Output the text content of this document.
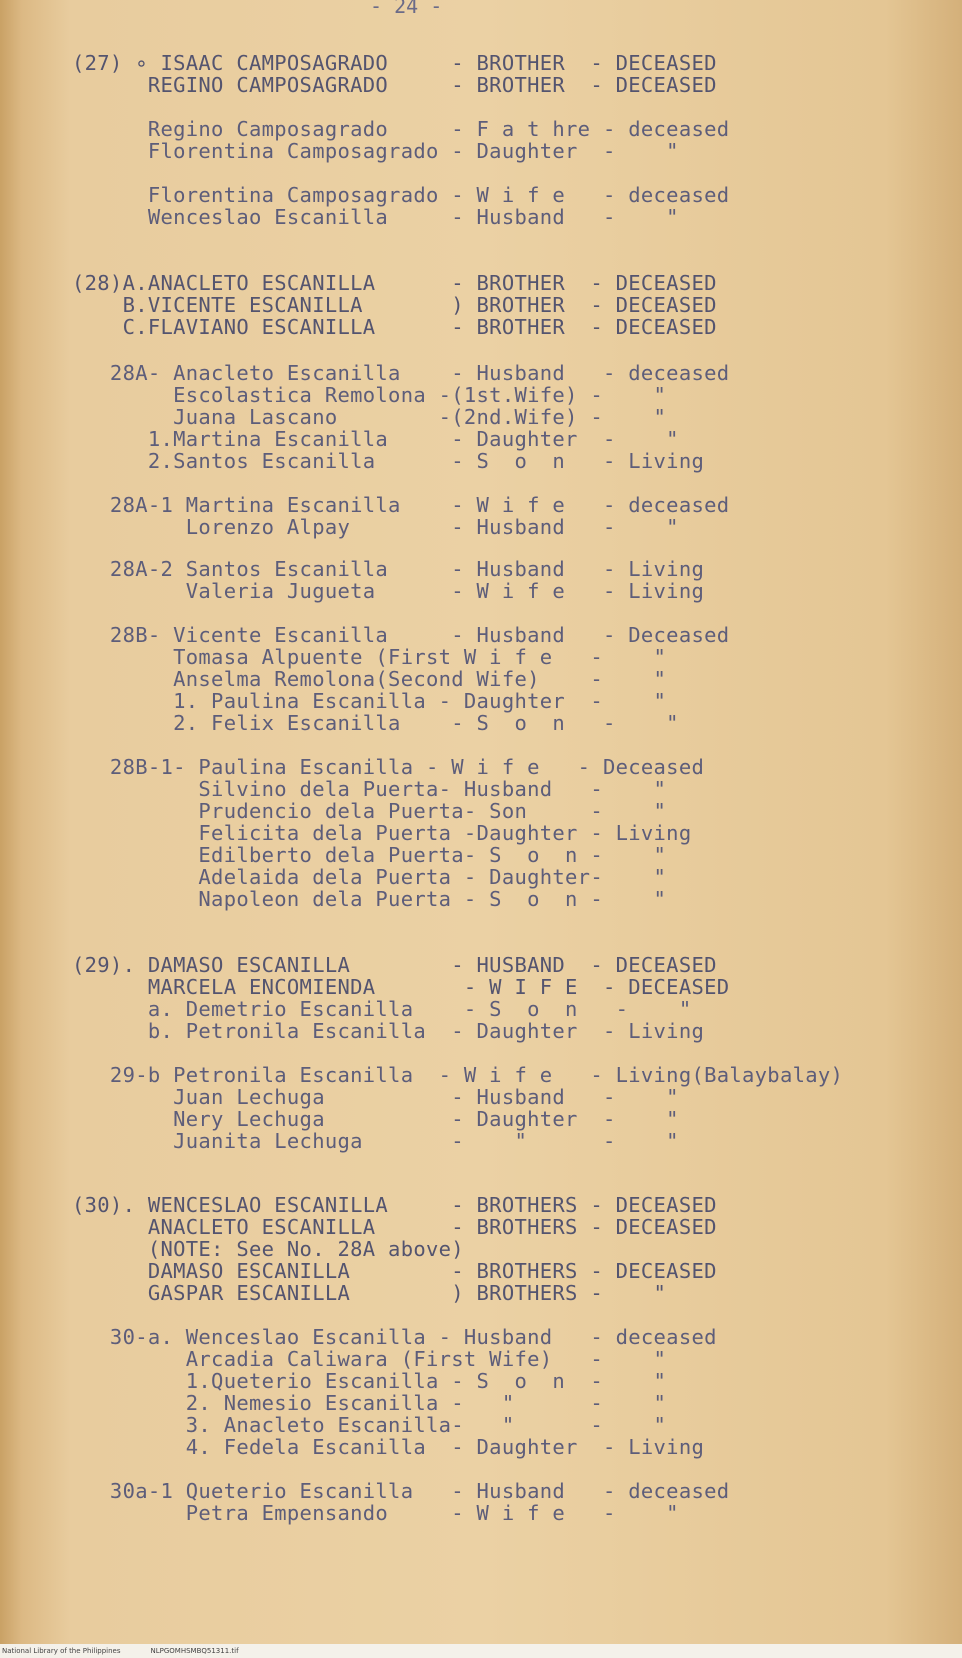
- 24 -
(27) ∘ ISAAC CAMPOSAGRADO     - BROTHER  - DECEASED
REGINO CAMPOSAGRADO     - BROTHER  - DECEASED
Regino Camposagrado     - F a t hre - deceased
Florentina Camposagrado - Daughter  -    "
Florentina Camposagrado - W i f e   - deceased
Wenceslao Escanilla     - Husband   -    "
(28)A.ANACLETO ESCANILLA      - BROTHER  - DECEASED
B.VICENTE ESCANILLA       ) BROTHER  - DECEASED
C.FLAVIANO ESCANILLA      - BROTHER  - DECEASED
28A- Anacleto Escanilla    - Husband   - deceased
Escolastica Remolona -(1st.Wife) -    "
Juana Lascano        -(2nd.Wife) -    "
1.Martina Escanilla     - Daughter  -    "
2.Santos Escanilla      - S  o  n   - Living
28A-1 Martina Escanilla    - W i f e   - deceased
Lorenzo Alpay        - Husband   -    "
28A-2 Santos Escanilla     - Husband   - Living
Valeria Jugueta      - W i f e   - Living
28B- Vicente Escanilla     - Husband   - Deceased
Tomasa Alpuente (First W i f e   -    "
Anselma Remolona(Second Wife)    -    "
1. Paulina Escanilla - Daughter  -    "
2. Felix Escanilla    - S  o  n   -    "
28B-1- Paulina Escanilla - W i f e   - Deceased
Silvino dela Puerta- Husband   -    "
Prudencio dela Puerta- Son     -    "
Felicita dela Puerta -Daughter - Living
Edilberto dela Puerta- S  o  n -    "
Adelaida dela Puerta - Daughter-    "
Napoleon dela Puerta - S  o  n -    "
(29). DAMASO ESCANILLA        - HUSBAND  - DECEASED
MARCELA ENCOMIENDA       - W I F E  - DECEASED
a. Demetrio Escanilla    - S  o  n   -    "
b. Petronila Escanilla  - Daughter  - Living
29-b Petronila Escanilla  - W i f e   - Living(Balaybalay)
Juan Lechuga          - Husband   -    "
Nery Lechuga          - Daughter  -    "
Juanita Lechuga       -    "      -    "
(30). WENCESLAO ESCANILLA     - BROTHERS - DECEASED
ANACLETO ESCANILLA      - BROTHERS - DECEASED
(NOTE: See No. 28A above)
DAMASO ESCANILLA        - BROTHERS - DECEASED
GASPAR ESCANILLA        ) BROTHERS -    "
30-a. Wenceslao Escanilla - Husband   - deceased
Arcadia Caliwara (First Wife)   -    "
1.Queterio Escanilla - S  o  n  -    "
2. Nemesio Escanilla -   "      -    "
3. Anacleto Escanilla-   "      -    "
4. Fedela Escanilla  - Daughter  - Living
30a-1 Queterio Escanilla   - Husband   - deceased
Petra Empensando     - W i f e   -    "
National Library of the Philippines	NLPGOMHSMBQ51311.tif
